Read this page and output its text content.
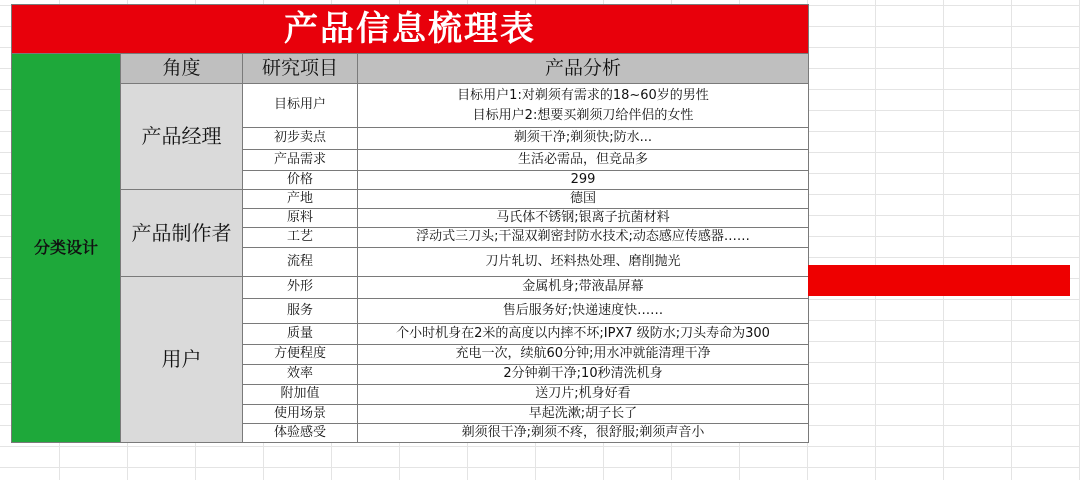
产品信息梳理表			
分类设计	角度	研究项目	产品分析
	产品经理	目标用户	目标用户1:对剃须有需求的18~60岁的男性
目标用户2:想要买剃须刀给伴侣的女性

		初步卖点	剃须干净;剃须快;防水...

		产品需求	生活必需品，但竞品多

		价格	299

	产品制作者	产地	德国

		原料	马氏体不锈钢;银离子抗菌材料

		工艺	浮动式三刀头;干湿双剃密封防水技术;动态感应传感器……

		流程	刀片轧切、坯料热处理、磨削抛光

	用户	外形	金属机身;带液晶屏幕

		服务	售后服务好;快递速度快……

		质量	个小时机身在2米的高度以内摔不坏;IPX7 级防水;刀头寿命为300

		方便程度	充电一次，续航60分钟;用水冲就能清理干净

		效率	2分钟剃干净;10秒清洗机身

		附加值	送刀片;机身好看

		使用场景	早起洗漱;胡子长了

		体验感受	剃须很干净;剃须不疼，很舒服;剃须声音小
